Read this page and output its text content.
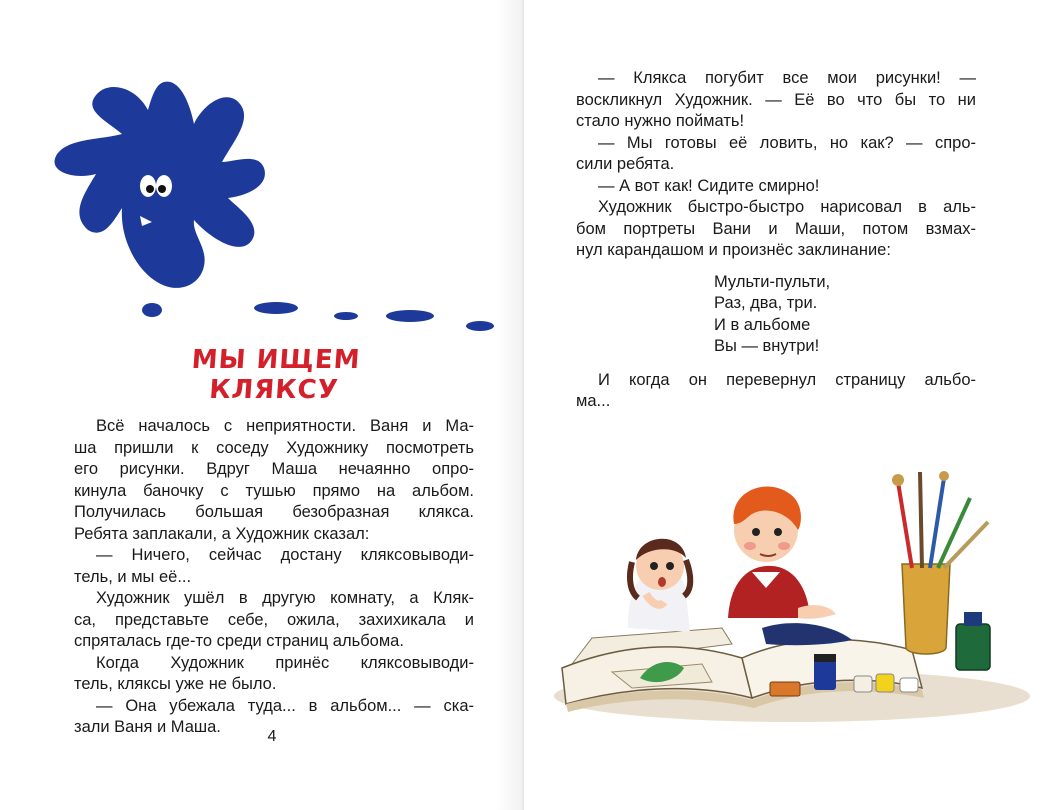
МЫ ИЩЕМ
КЛЯКСУ
Всё началось с неприятности. Ваня и Ма-
ша пришли к соседу Художнику посмотреть
его рисунки. Вдруг Маша нечаянно опро-
кинула баночку с тушью прямо на альбом.
Получилась большая безобразная клякса.
Ребята заплакали, а Художник сказал:
— Ничего, сейчас достану кляксовыводи-
тель, и мы её...
Художник ушёл в другую комнату, а Кляк-
са, представьте себе, ожила, захихикала и
спряталась где-то среди страниц альбома.
Когда Художник принёс кляксовыводи-
тель, кляксы уже не было.
— Она убежала туда... в альбом... — ска-
зали Ваня и Маша.
4
— Клякса погубит все мои рисунки! —
воскликнул Художник. — Её во что бы то ни
стало нужно поймать!
— Мы готовы её ловить, но как? — спро-
сили ребята.
— А вот как! Сидите смирно!
Художник быстро-быстро нарисовал в аль-
бом портреты Вани и Маши, потом взмах-
нул карандашом и произнёс заклинание:
Мульти-пульти,
Раз, два, три.
И в альбоме
Вы — внутри!
И когда он перевернул страницу альбо-
ма...
